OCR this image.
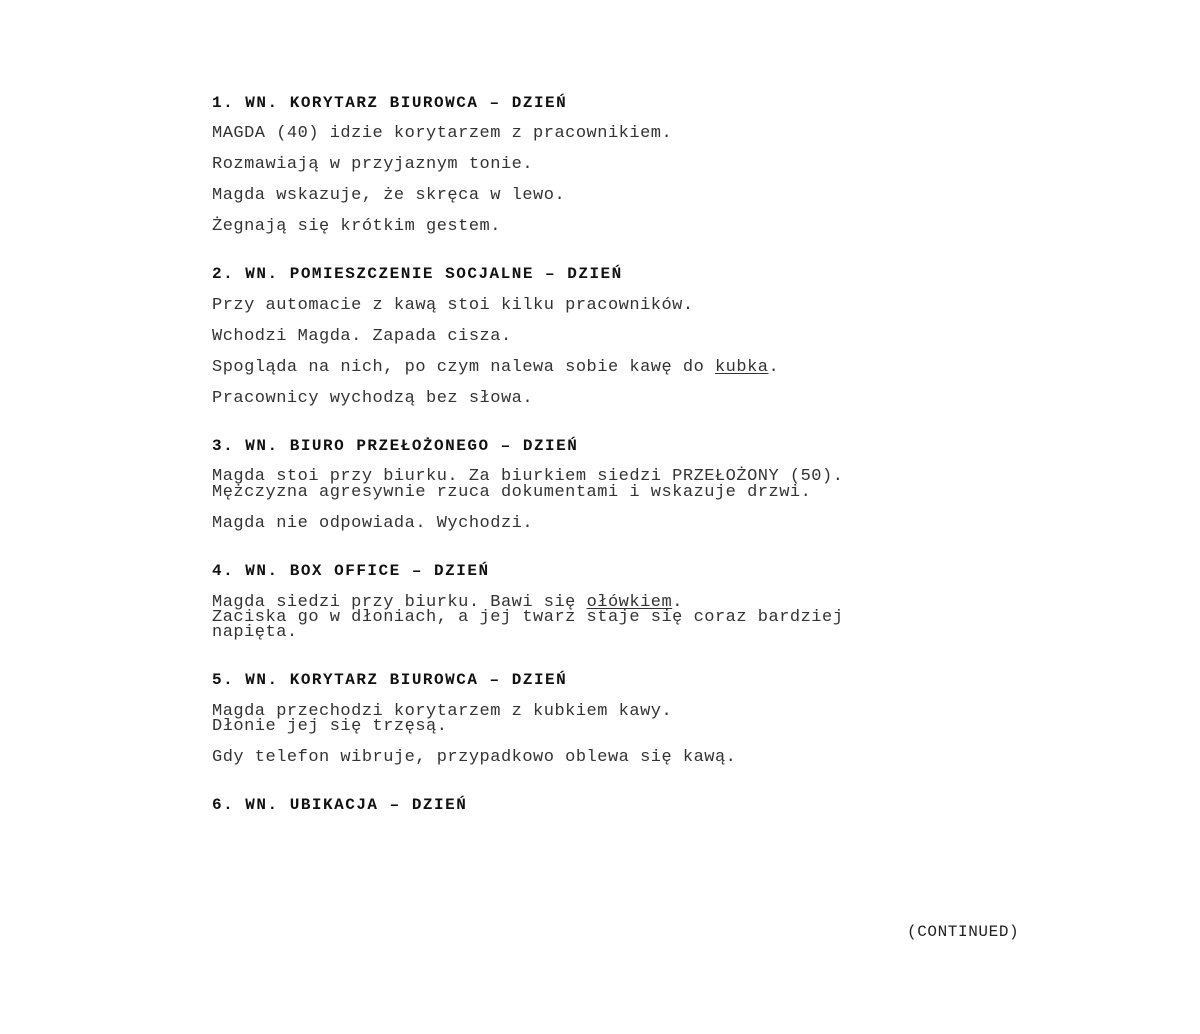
1. WN. KORYTARZ BIUROWCA – DZIEŃ
MAGDA (40) idzie korytarzem z pracownikiem.
Rozmawiają w przyjaznym tonie.
Magda wskazuje, że skręca w lewo.
Żegnają się krótkim gestem.
2. WN. POMIESZCZENIE SOCJALNE – DZIEŃ
Przy automacie z kawą stoi kilku pracowników.
Wchodzi Magda. Zapada cisza.
Spogląda na nich, po czym nalewa sobie kawę do kubka.
Pracownicy wychodzą bez słowa.
3. WN. BIURO PRZEŁOŻONEGO – DZIEŃ
Magda stoi przy biurku. Za biurkiem siedzi PRZEŁOŻONY (50).
Mężczyzna agresywnie rzuca dokumentami i wskazuje drzwi.
Magda nie odpowiada. Wychodzi.
4. WN. BOX OFFICE – DZIEŃ
Magda siedzi przy biurku. Bawi się ołówkiem.
Zaciska go w dłoniach, a jej twarz staje się coraz bardziej
napięta.
5. WN. KORYTARZ BIUROWCA – DZIEŃ
Magda przechodzi korytarzem z kubkiem kawy.
Dłonie jej się trzęsą.
Gdy telefon wibruje, przypadkowo oblewa się kawą.
6. WN. UBIKACJA – DZIEŃ
(CONTINUED)
